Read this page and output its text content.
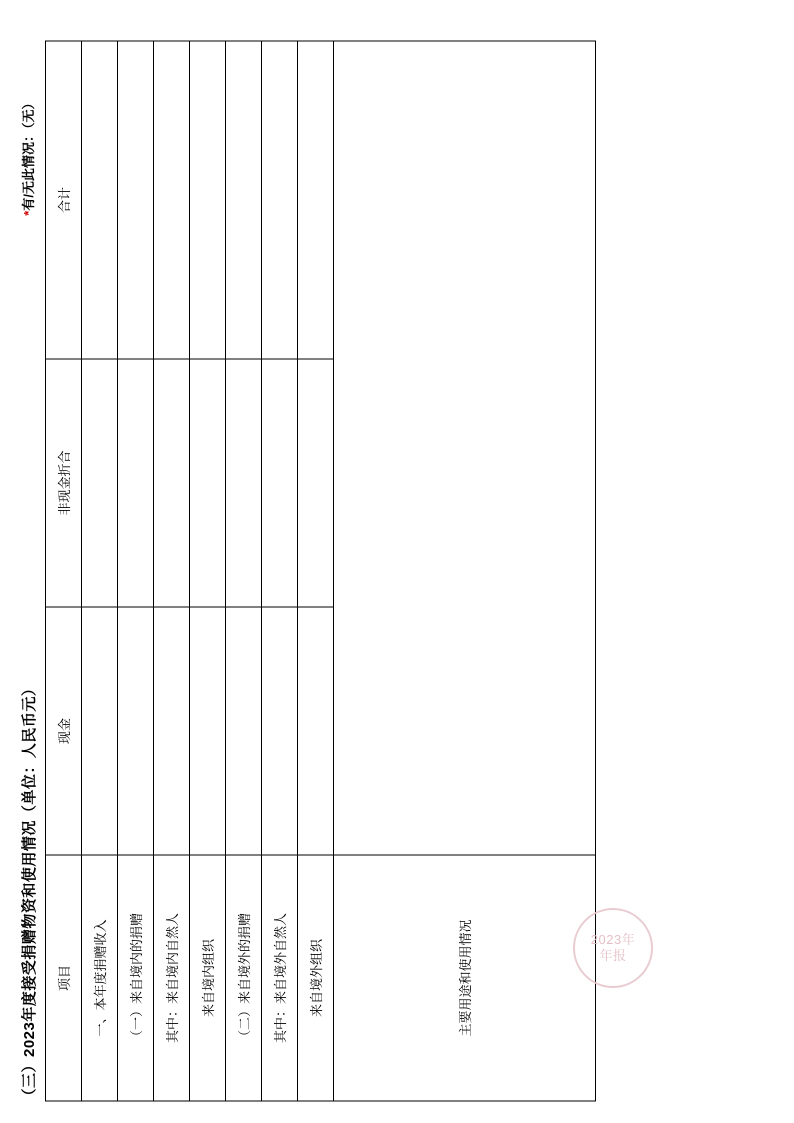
（三）2023年度接受捐赠物资和使用情况（单位：人民币元）
*有/无此情况：（无）
项目	现金	非现金折合	合计
一、本年度捐赠收入			
（一）来自境内的捐赠			
其中：来自境内自然人			
来自境内组织			
（二）来自境外的捐赠			
其中：来自境外自然人			
来自境外组织			
主要用途和使用情况				2023年
年报
